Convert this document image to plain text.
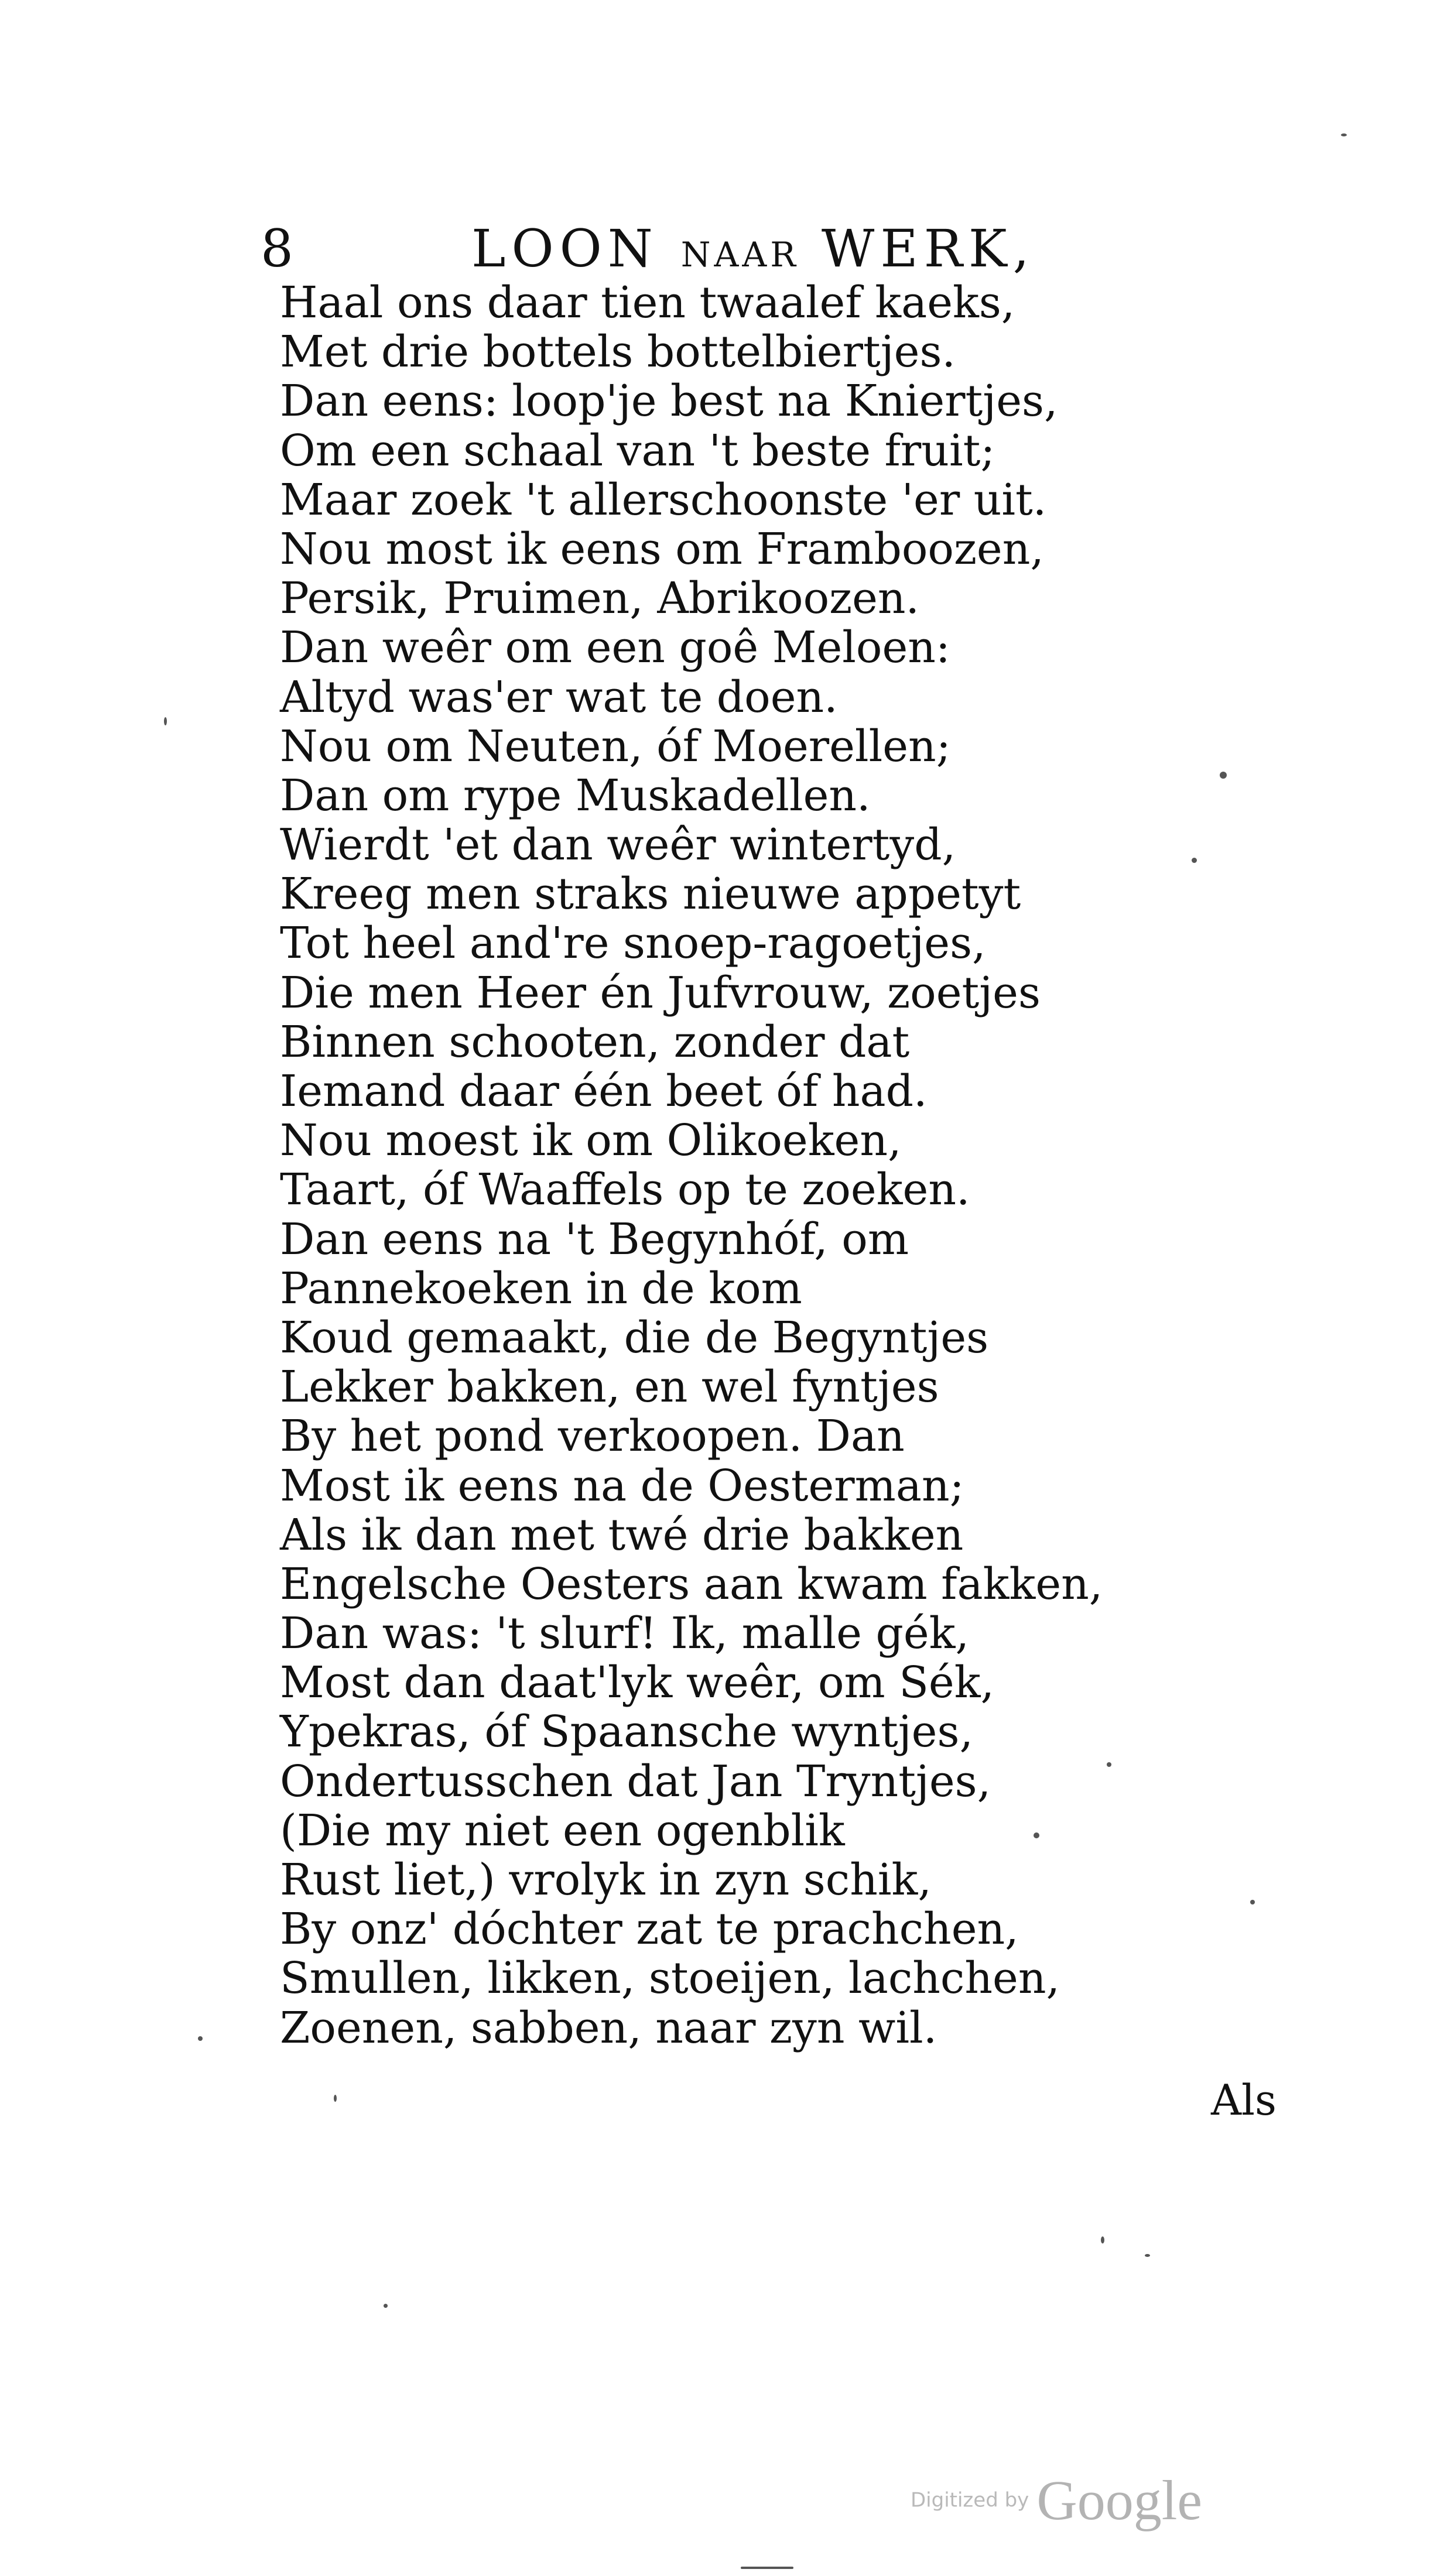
8	LOON NAAR WERK,
Haal ons daar tien twaalef kaeks,
Met drie bottels bottelbiertjes.
Dan eens: loop'je best na Kniertjes,
Om een schaal van 't beste fruit;
Maar zoek 't allerschoonste 'er uit.
Nou most ik eens om Framboozen,
Persik, Pruimen, Abrikoozen.
Dan weêr om een goê Meloen:
Altyd was'er wat te doen.
Nou om Neuten, óf Moerellen;
Dan om rype Muskadellen.
Wierdt 'et dan weêr wintertyd,
Kreeg men straks nieuwe appetyt
Tot heel and're snoep-ragoetjes,
Die men Heer én Jufvrouw, zoetjes
Binnen schooten, zonder dat
Iemand daar één beet óf had.
Nou moest ik om Olikoeken,
Taart, óf Waaffels op te zoeken.
Dan eens na 't Begynhóf, om
Pannekoeken in de kom
Koud gemaakt, die de Begyntjes
Lekker bakken, en wel fyntjes
By het pond verkoopen. Dan
Most ik eens na de Oesterman;
Als ik dan met twé drie bakken
Engelsche Oesters aan kwam fakken,
Dan was: 't slurf! Ik, malle gék,
Most dan daat'lyk weêr, om Sék,
Ypekras, óf Spaansche wyntjes,
Ondertusschen dat Jan Tryntjes,
(Die my niet een ogenblik
Rust liet,) vrolyk in zyn schik,
By onz' dóchter zat te prachchen,
Smullen, likken, stoeijen, lachchen,
Zoenen, sabben, naar zyn wil.
Als
Digitized by Google
